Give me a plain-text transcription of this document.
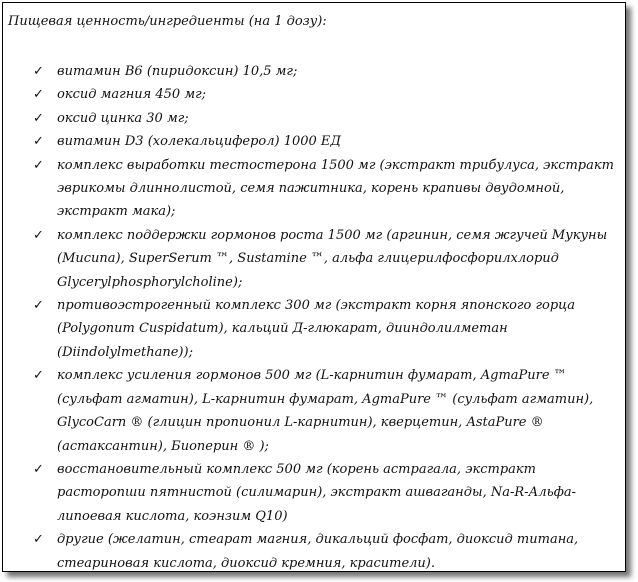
Пищевая ценность/ингредиенты (на 1 дозу):
✓ витамин B6 (пиридоксин) 10,5 мг;
✓ оксид магния 450 мг;
✓ оксид цинка 30 мг;
✓ витамин D3 (холекальциферол) 1000 ЕД
✓ комплекс выработки тестостерона 1500 мг (экстракт трибулуса, экстракт эврикомы длиннолистой, семя пажитника, корень крапивы двудомной, экстракт мака);
✓ комплекс поддержки гормонов роста 1500 мг (аргинин, семя жгучей Мукуны (Mucuna), SuperSerum ™, Sustamine ™, альфа глицерилфосфорилхлорид Glycerylphosphorylcholine);
✓ противоэстрогенный комплекс 300 мг (экстракт корня японского горца (Polygonum Cuspidatum), кальций Д-глюкарат, дииндолилметан (Diindolylmethane));
✓ комплекс усиления гормонов 500 мг (L-карнитин фумарат, AgmaPure ™ (сульфат агматин), L-карнитин фумарат, AgmaPure ™ (сульфат агматин), GlycoCarn ® (глицин пропионил L-карнитин), кверцетин, AstaPure ® (астаксантин), Биоперин ® );
✓ восстановительный комплекс 500 мг (корень астрагала, экстракт расторопши пятнистой (силимарин), экстракт ашваганды, Na-R-Альфа-липоевая кислота, коэнзим Q10)
✓ другие (желатин, стеарат магния, дикальций фосфат, диоксид титана, стеариновая кислота, диоксид кремния, красители).
